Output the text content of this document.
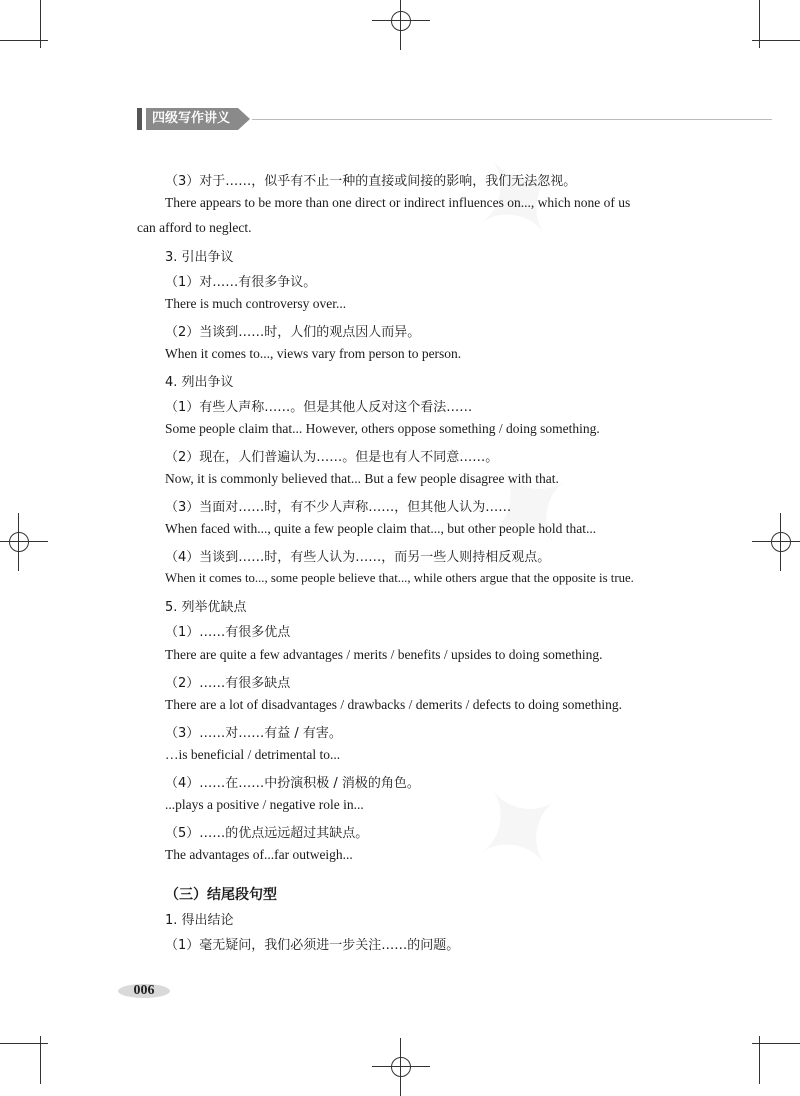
四级写作讲义
（3）对于……，似乎有不止一种的直接或间接的影响，我们无法忽视。
There appears to be more than one direct or indirect influences on..., which none of us
can afford to neglect.
3. 引出争议
（1）对……有很多争议。
There is much controversy over...
（2）当谈到……时，人们的观点因人而异。
When it comes to..., views vary from person to person.
4. 列出争议
（1）有些人声称……。但是其他人反对这个看法……
Some people claim that... However, others oppose something / doing something.
（2）现在，人们普遍认为……。但是也有人不同意……。
Now, it is commonly believed that... But a few people disagree with that.
（3）当面对……时，有不少人声称……，但其他人认为……
When faced with..., quite a few people claim that..., but other people hold that...
（4）当谈到……时，有些人认为……，而另一些人则持相反观点。
When it comes to..., some people believe that..., while others argue that the opposite is true.
5. 列举优缺点
（1）……有很多优点
There are quite a few advantages / merits / benefits / upsides to doing something.
（2）……有很多缺点
There are a lot of disadvantages / drawbacks / demerits / defects to doing something.
（3）……对……有益 / 有害。
…is beneficial / detrimental to...
（4）……在……中扮演积极 / 消极的角色。
...plays a positive / negative role in...
（5）……的优点远远超过其缺点。
The advantages of...far outweigh...
（三）结尾段句型
1. 得出结论
（1）毫无疑问，我们必须进一步关注……的问题。
006
